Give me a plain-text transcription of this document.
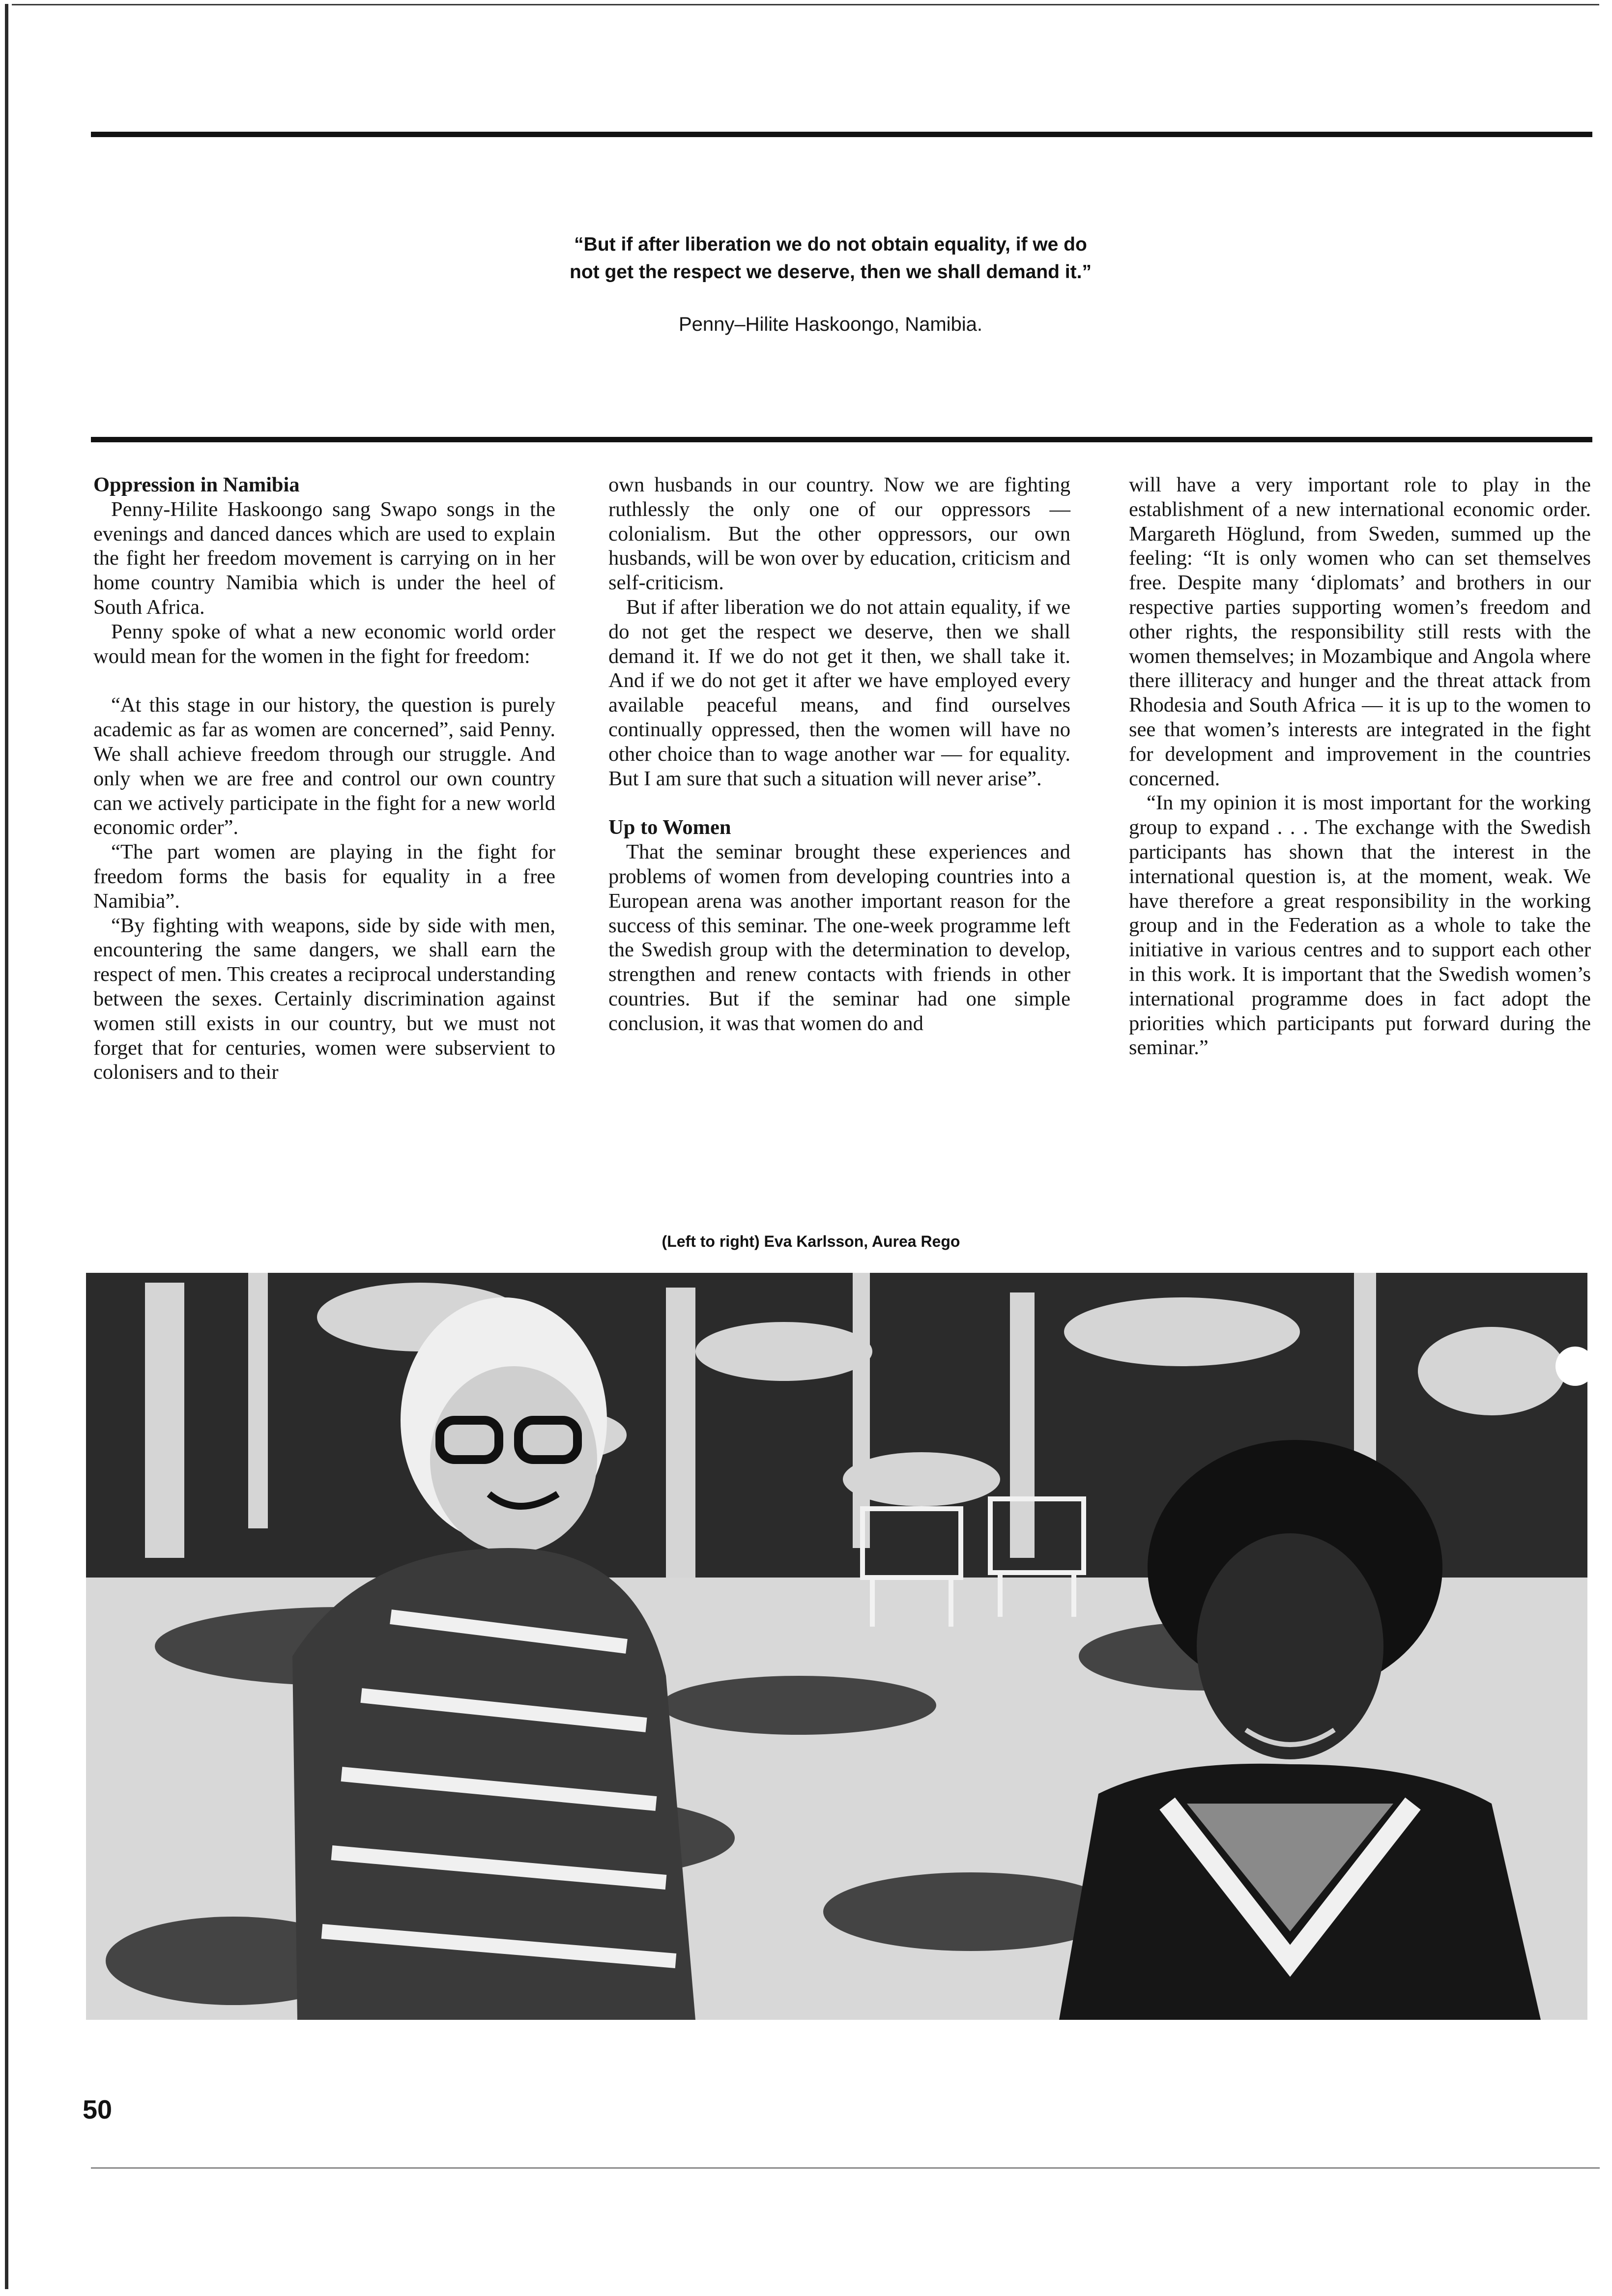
“But if after liberation we do not obtain equality, if we do
not get the respect we deserve, then we shall demand it.”
Penny–Hilite Haskoongo, Namibia.
Oppression in Namibia

Penny-Hilite Haskoongo sang Swapo songs in the evenings and danced dances which are used to explain the fight her freedom movement is carrying on in her home country Namibia which is under the heel of South Africa.

Penny spoke of what a new economic world order would mean for the women in the fight for freedom:

“At this stage in our history, the question is purely academic as far as women are concerned”, said Penny. We shall achieve freedom through our struggle. And only when we are free and control our own country can we actively participate in the fight for a new world economic order”.

“The part women are playing in the fight for freedom forms the basis for equality in a free Namibia”.

“By fighting with weapons, side by side with men, encountering the same dangers, we shall earn the respect of men. This creates a reciprocal understanding between the sexes. Certainly discrimination against women still exists in our country, but we must not forget that for centuries, women were subservient to colonisers and to their

own husbands in our country. Now we are fighting ruthlessly the only one of our oppressors — colonialism. But the other oppressors, our own husbands, will be won over by education, criticism and self-criticism.

But if after liberation we do not attain equality, if we do not get the respect we deserve, then we shall demand it. If we do not get it then, we shall take it. And if we do not get it after we have employed every available peaceful means, and find ourselves continually oppressed, then the women will have no other choice than to wage another war — for equality. But I am sure that such a situation will never arise”.

Up to Women

That the seminar brought these experiences and problems of women from developing countries into a European arena was another important reason for the success of this seminar. The one-week programme left the Swedish group with the determination to develop, strengthen and renew contacts with friends in other countries. But if the seminar had one simple conclusion, it was that women do and

will have a very important role to play in the establishment of a new international economic order. Margareth Höglund, from Sweden, summed up the feeling: “It is only women who can set themselves free. Despite many ‘diplomats’ and brothers in our respective parties supporting women’s freedom and other rights, the responsibility still rests with the women themselves; in Mozambique and Angola where there illiteracy and hunger and the threat attack from Rhodesia and South Africa — it is up to the women to see that women’s interests are integrated in the fight for development and improvement in the countries concerned.

“In my opinion it is most important for the working group to expand . . . The exchange with the Swedish participants has shown that the interest in the international question is, at the moment, weak. We have therefore a great responsibility in the working group and in the Federation as a whole to take the initiative in various centres and to support each other in this work. It is important that the Swedish women’s international programme does in fact adopt the priorities which participants put forward during the seminar.”

(Left to right) Eva Karlsson, Aurea Rego
50
